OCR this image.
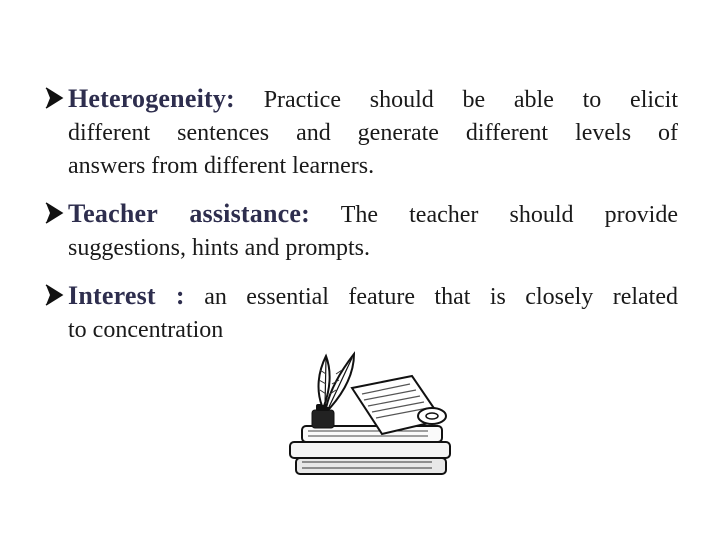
Heterogeneity: Practice should be able to elicit
different sentences and generate different levels of
answers from different learners.
Teacher assistance: The teacher should provide
suggestions, hints and prompts.
Interest : an essential feature that is closely related
to concentration
